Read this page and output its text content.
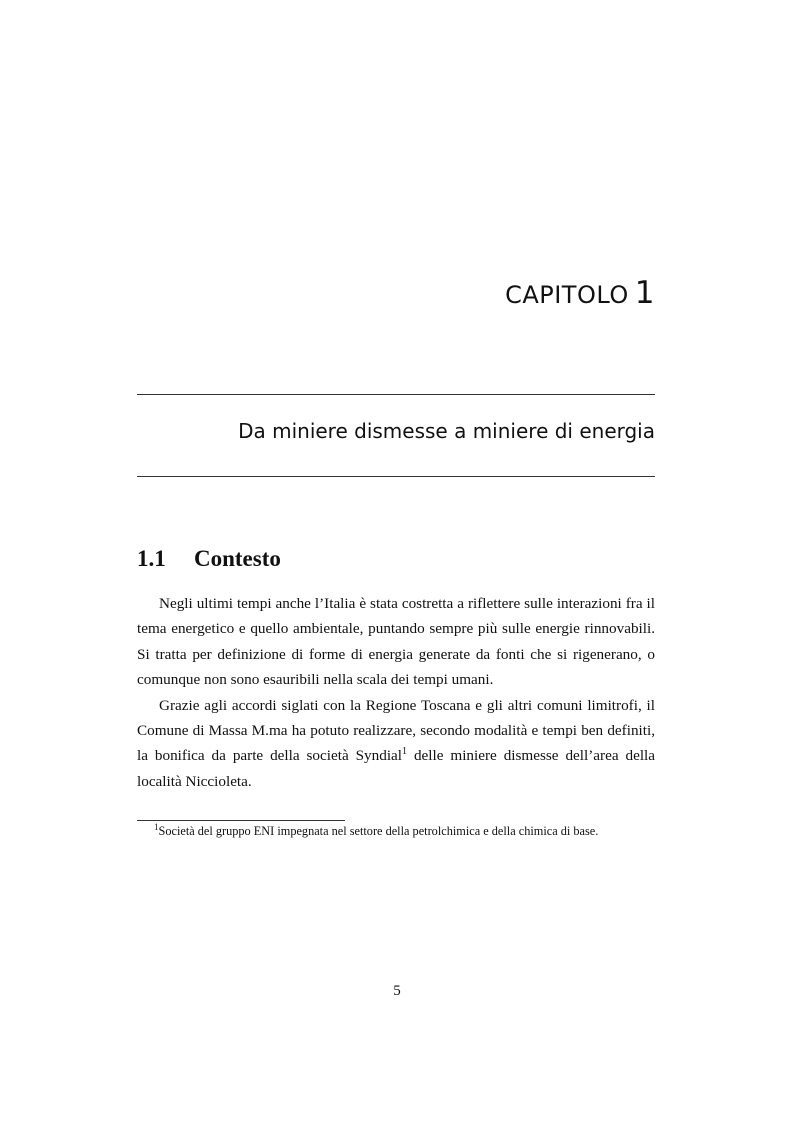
CAPITOLO 1
Da miniere dismesse a miniere di energia
1.1 Contesto

Negli ultimi tempi anche l’Italia è stata costretta a riflettere sulle interazioni fra il tema energetico e quello ambientale, puntando sempre più sulle energie rinnovabili. Si tratta per definizione di forme di energia generate da fonti che si rigenerano, o comunque non sono esauribili nella scala dei tempi umani.

Grazie agli accordi siglati con la Regione Toscana e gli altri comuni limitrofi, il Comune di Massa M.ma ha potuto realizzare, secondo modalità e tempi ben definiti, la bonifica da parte della società Syndial$^1$ delle miniere dismesse dell’area della località Niccioleta.

$^1$Società del gruppo ENI impegnata nel settore della petrolchimica e della chimica di base.

5
